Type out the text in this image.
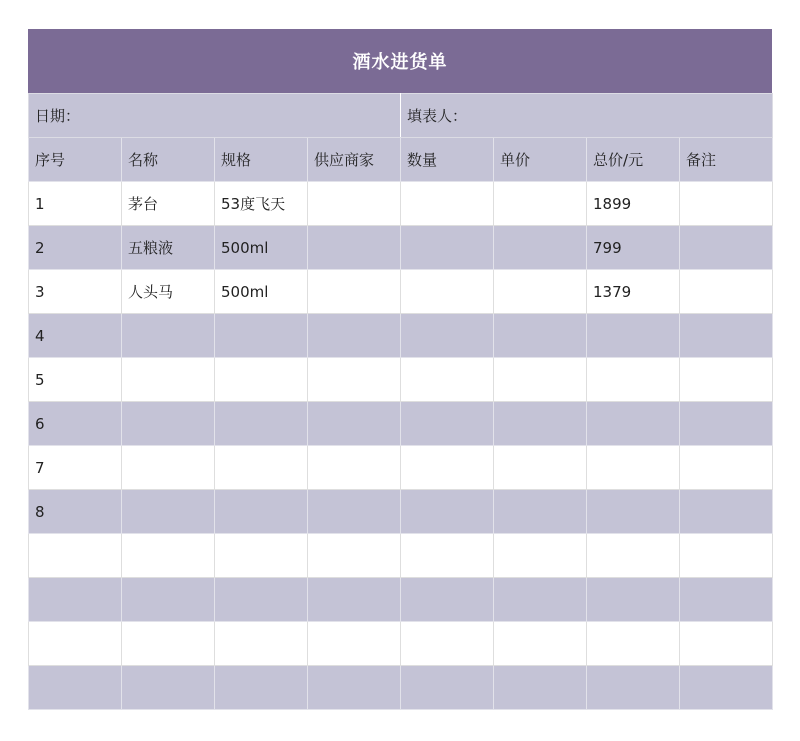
酒水进货单
日期：				填表人：			
序号	名称	规格	供应商家	数量	单价	总价/元	备注
1	茅台	53度飞天				1899	
2	五粮液	500ml				799	
3	人头马	500ml				1379	
4							
5							
6							
7							
8							
